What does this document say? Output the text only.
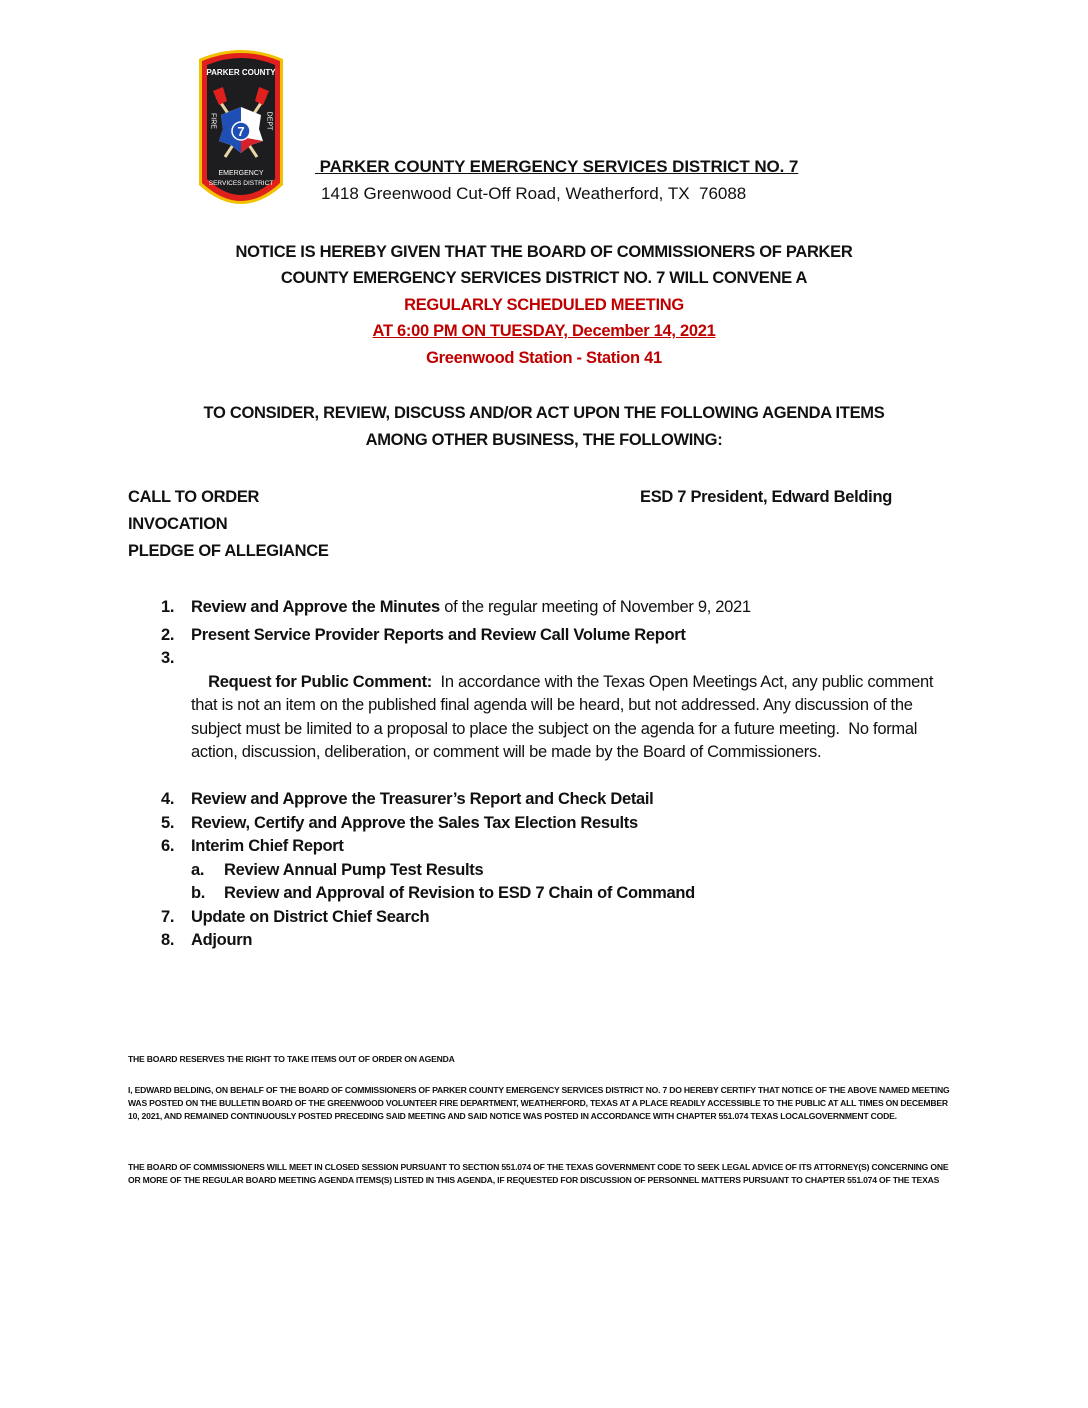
7
PARKER COUNTY
FIRE	DEPT
EMERGENCY
SERVICES DISTRICT
PARKER COUNTY EMERGENCY SERVICES DISTRICT NO. 7
1418 Greenwood Cut-Off Road, Weatherford, TX  76088
NOTICE IS HEREBY GIVEN THAT THE BOARD OF COMMISSIONERS OF PARKER
COUNTY EMERGENCY SERVICES DISTRICT NO. 7 WILL CONVENE A
REGULARLY SCHEDULED MEETING
AT 6:00 PM ON TUESDAY, December 14, 2021
Greenwood Station - Station 41
TO CONSIDER, REVIEW, DISCUSS AND/OR ACT UPON THE FOLLOWING AGENDA ITEMS
AMONG OTHER BUSINESS, THE FOLLOWING:
CALL TO ORDER	ESD 7 President, Edward Belding
INVOCATION
PLEDGE OF ALLEGIANCE
1. Review and Approve the Minutes of the regular meeting of November 9, 2021
2. Present Service Provider Reports and Review Call Volume Report

3.
Request for Public Comment:  In accordance with the Texas Open Meetings Act, any public comment that is not an item on the published final agenda will be heard, but not addressed. Any discussion of the subject must be limited to a proposal to place the subject on the agenda for a future meeting.  No formal action, discussion, deliberation, or comment will be made by the Board of Commissioners.

4. Review and Approve the Treasurer’s Report and Check Detail
5. Review, Certify and Approve the Sales Tax Election Results
6. Interim Chief Report
a. Review Annual Pump Test Results
b. Review and Approval of Revision to ESD 7 Chain of Command
7. Update on District Chief Search
8. Adjourn
THE BOARD RESERVES THE RIGHT TO TAKE ITEMS OUT OF ORDER ON AGENDA
I, EDWARD BELDING, ON BEHALF OF THE BOARD OF COMMISSIONERS OF PARKER COUNTY EMERGENCY SERVICES DISTRICT NO. 7 DO HEREBY CERTIFY THAT NOTICE OF THE ABOVE NAMED MEETING WAS POSTED ON THE BULLETIN BOARD OF THE GREENWOOD VOLUNTEER FIRE DEPARTMENT, WEATHERFORD, TEXAS AT A PLACE READILY ACCESSIBLE TO THE PUBLIC AT ALL TIMES ON DECEMBER 10, 2021, AND REMAINED CONTINUOUSLY POSTED PRECEDING SAID MEETING AND SAID NOTICE WAS POSTED IN ACCORDANCE WITH CHAPTER 551.074 TEXAS LOCALGOVERNMENT CODE.
THE BOARD OF COMMISSIONERS WILL MEET IN CLOSED SESSION PURSUANT TO SECTION 551.074 OF THE TEXAS GOVERNMENT CODE TO SEEK LEGAL ADVICE OF ITS ATTORNEY(S) CONCERNING ONE OR MORE OF THE REGULAR BOARD MEETING AGENDA ITEMS(S) LISTED IN THIS AGENDA, IF REQUESTED FOR DISCUSSION OF PERSONNEL MATTERS PURSUANT TO CHAPTER 551.074 OF THE TEXAS
